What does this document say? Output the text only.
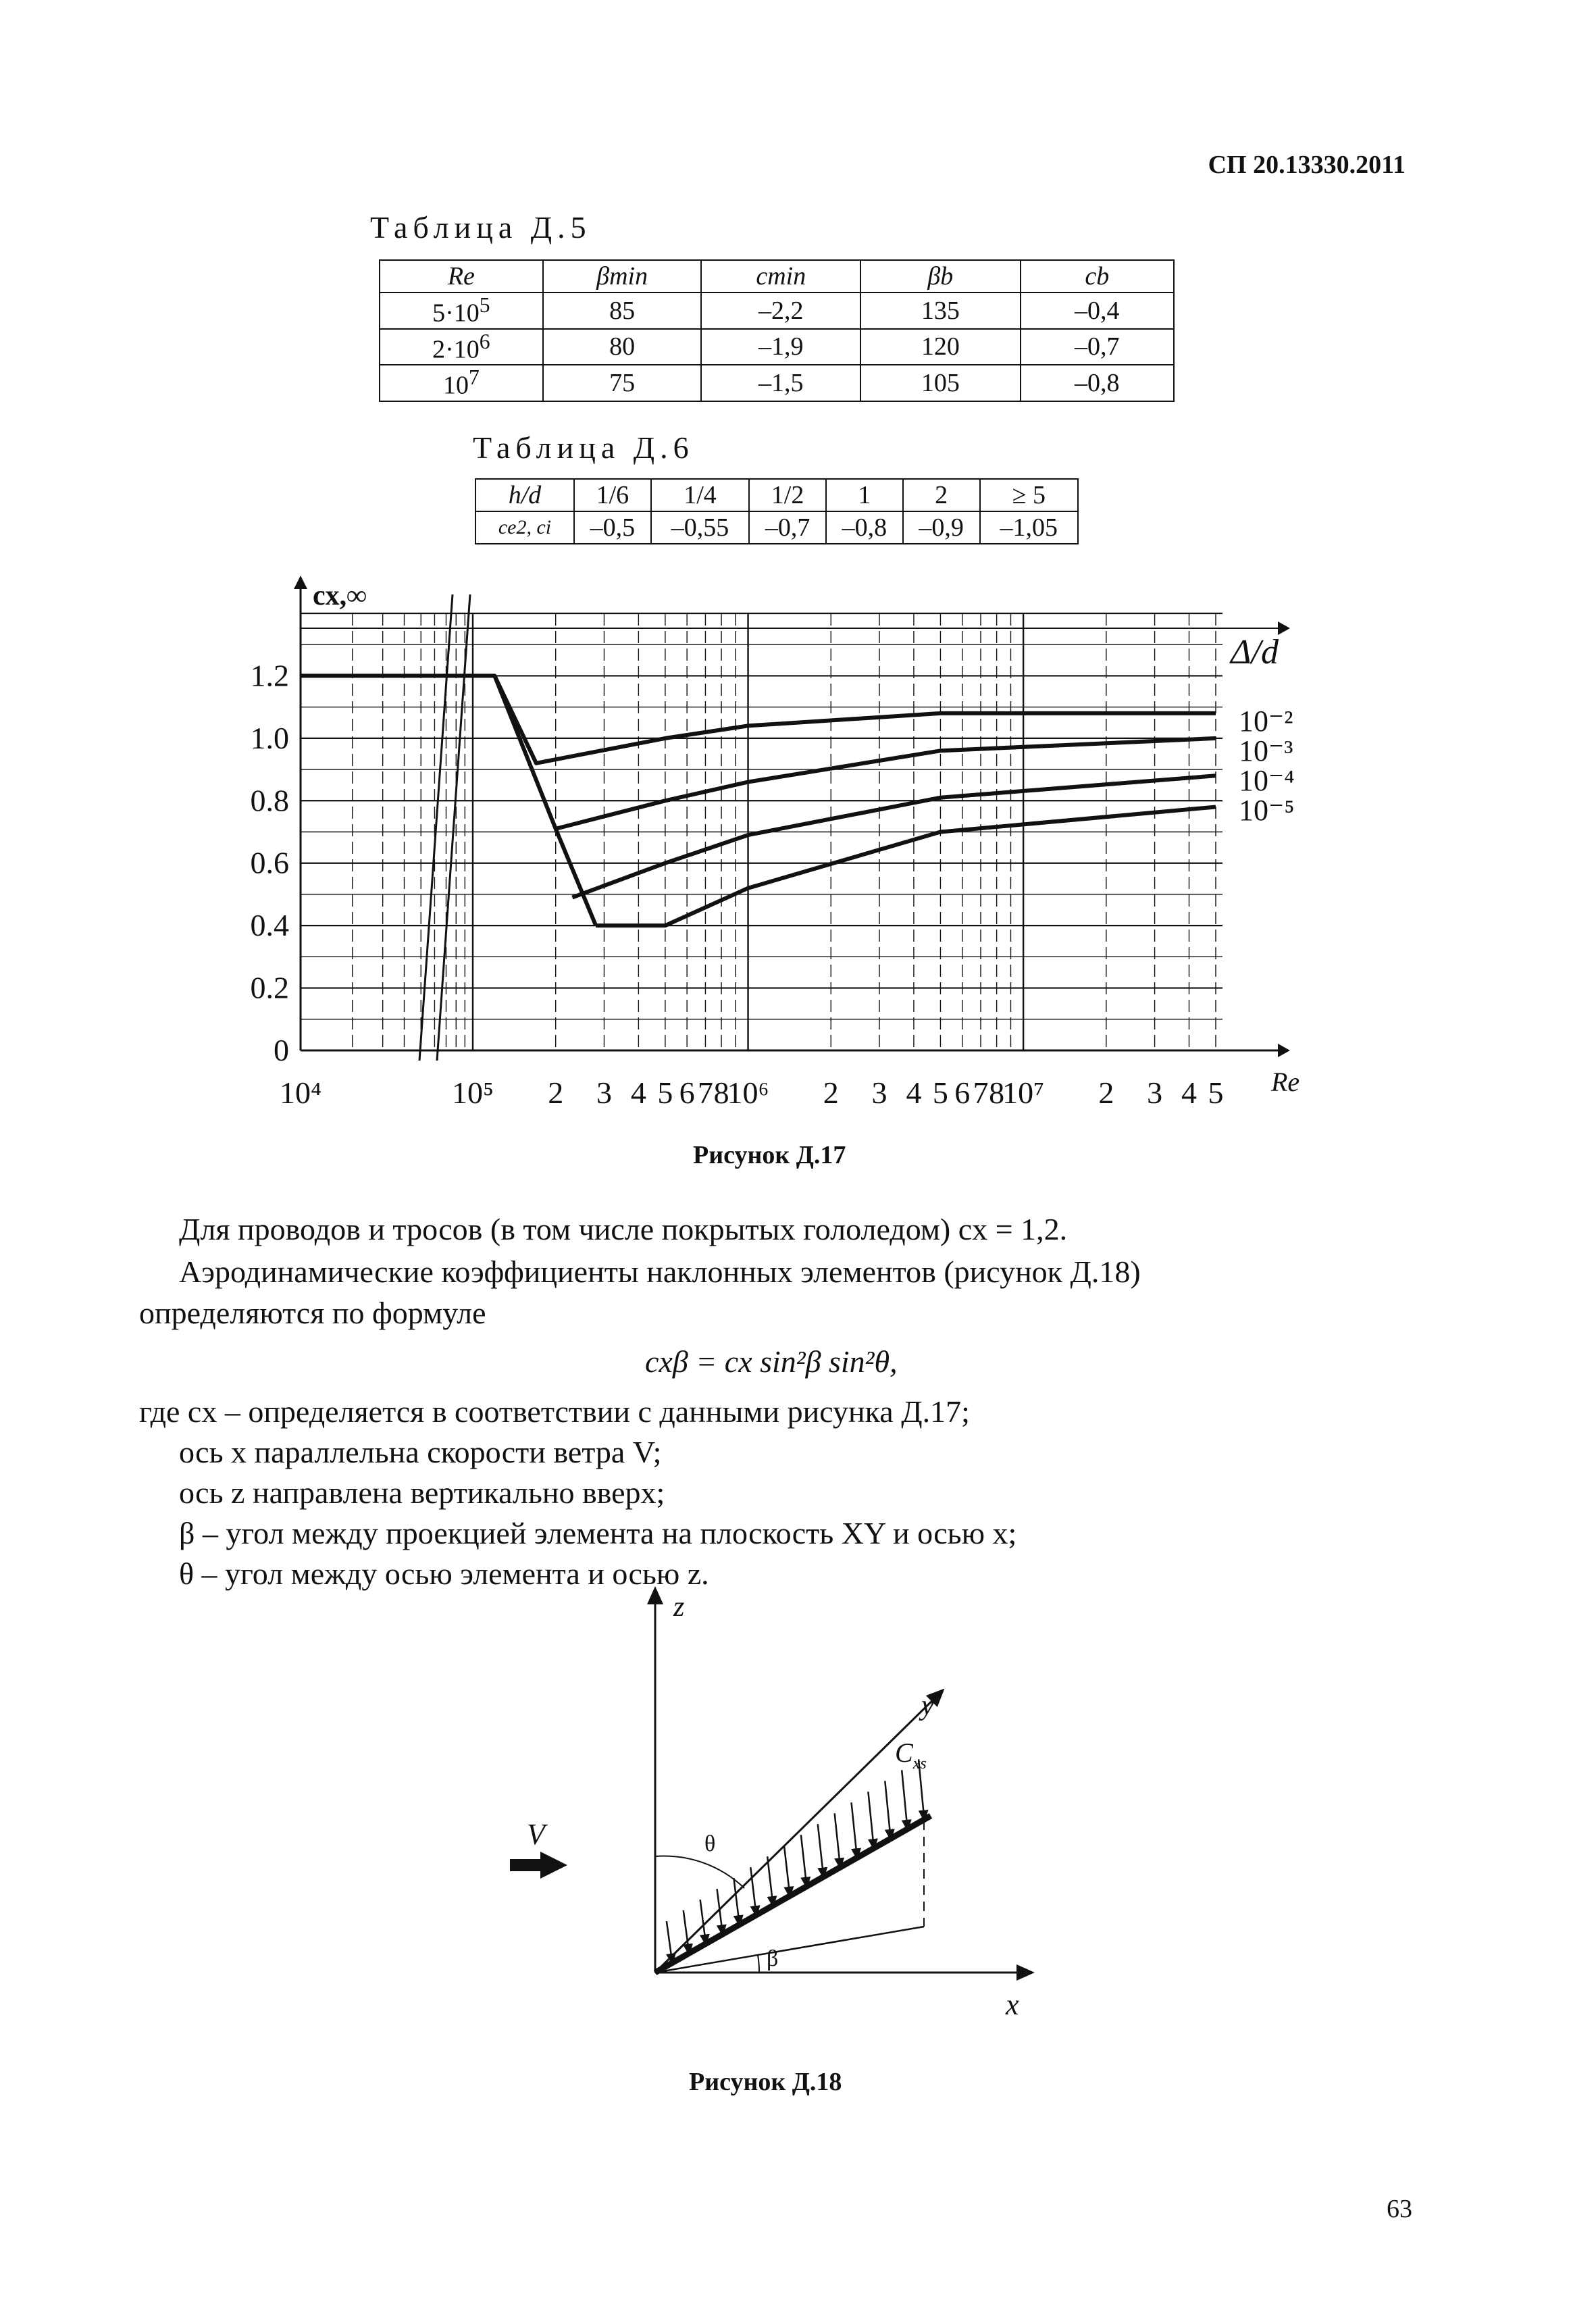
СП 20.13330.2011
Таблица Д.5
Re	βmin	cmin	βb	cb
$5\cdot 10^5$	85	–2,2	135	–0,4
$2\cdot 10^6$	80	–1,9	120	–0,7
$10^7$	75	–1,5	105	–0,8
Таблица Д.6
h/d	1/6	1/4	1/2	1	2	≥ 5
ce2, ci	–0,5	–0,55	–0,7	–0,8	–0,9	–1,05
1.2
1.0
0.8
0.6
0.4
0.2
0
cx,∞
10⁴	10⁵ 2 3 4 5 6 7 8
10⁶ 2 3 4 5 6 7 8
10⁷ 2 3 4 5 Re
Δ/d
10⁻²
10⁻³
10⁻⁴
10⁻⁵
Рисунок Д.17
Для проводов и тросов (в том числе покрытых гололедом) cx = 1,2.
Аэродинамические коэффициенты наклонных элементов (рисунок Д.18)
определяются по формуле
cxβ = cx sin²β sin²θ,
где cx – определяется в соответствии с данными рисунка Д.17;
ось x параллельна скорости ветра V;
ось z направлена вертикально вверх;
β – угол между проекцией элемента на плоскость XY и осью x;
θ – угол между осью элемента и осью z.
z
y
x
V
$C_{xs}$
θ
β
Рисунок Д.18
63
